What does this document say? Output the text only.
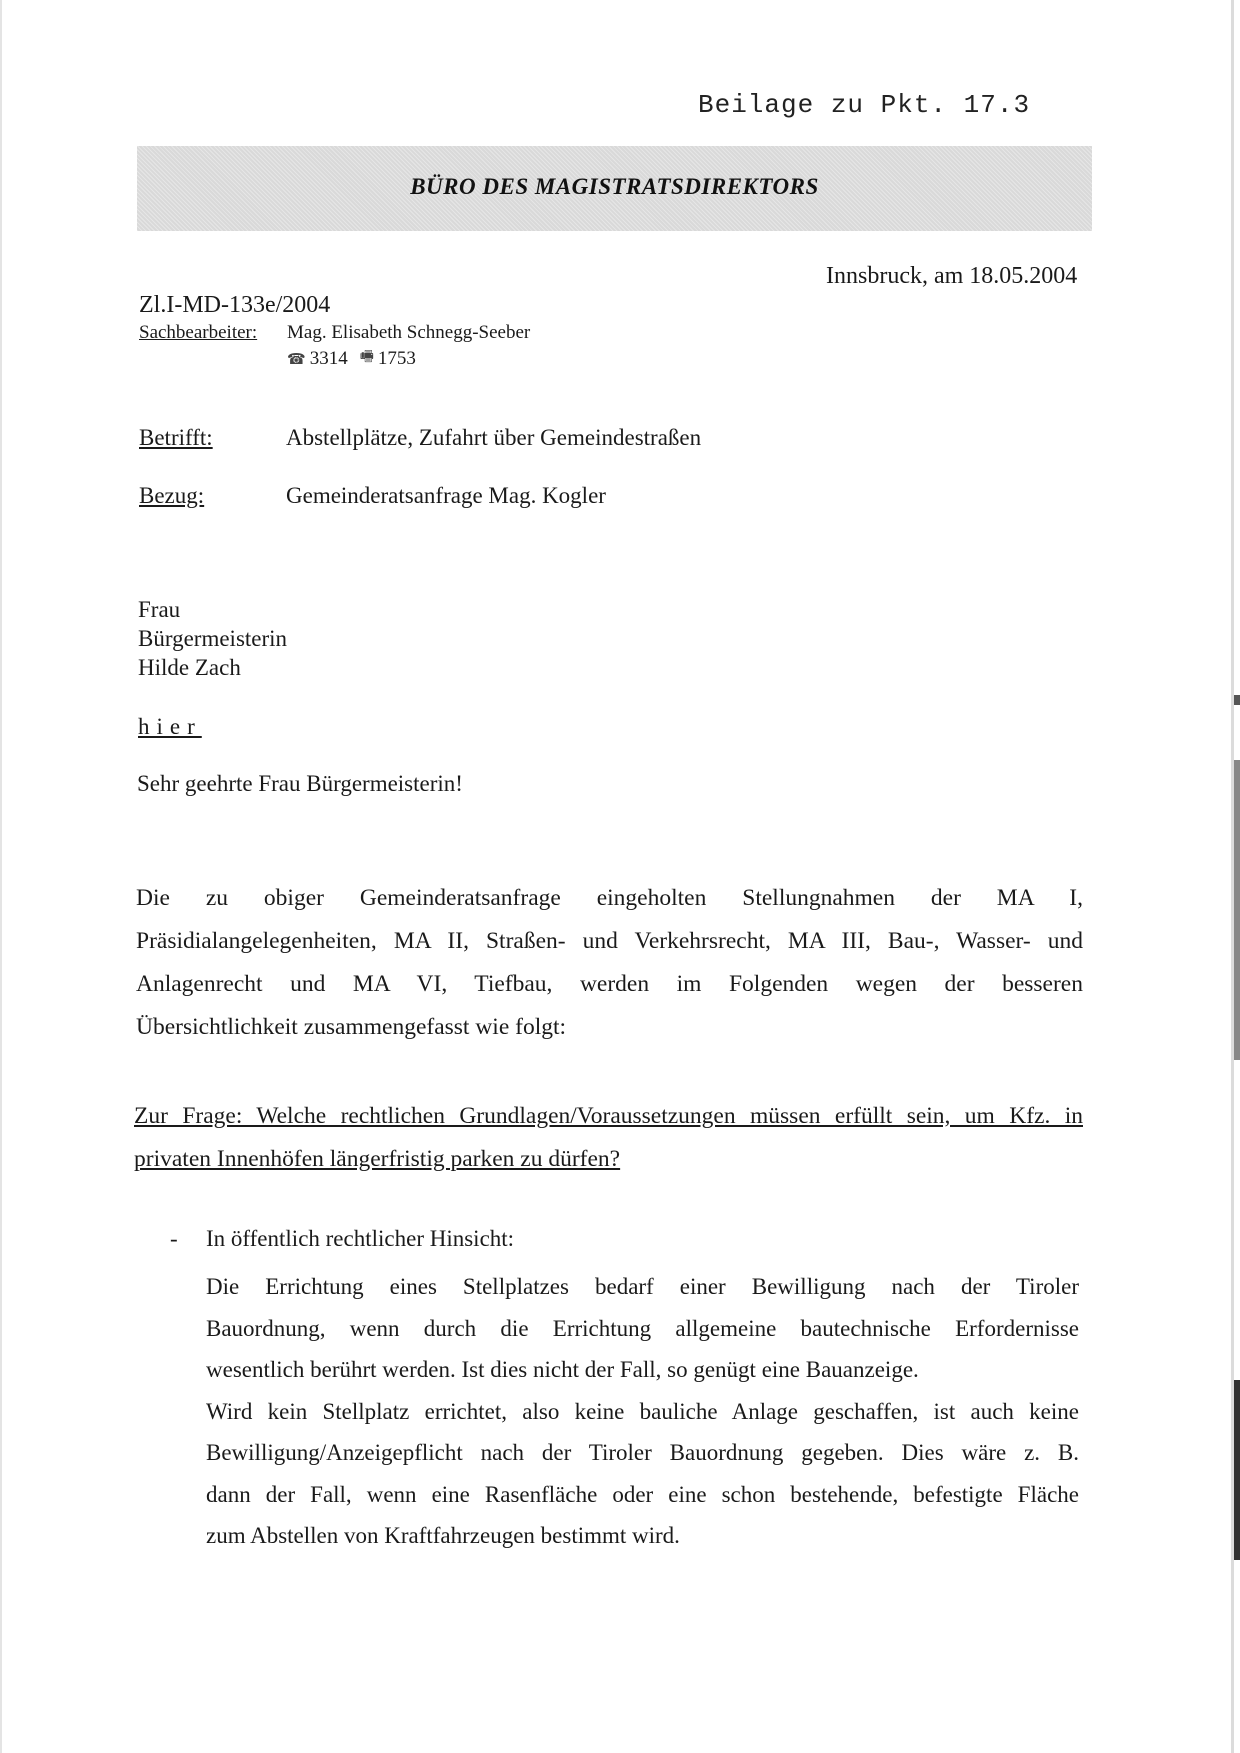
Beilage zu Pkt. 17.3
BÜRO DES MAGISTRATSDIREKTORS
Innsbruck, am 18.05.2004
Zl.I-MD-133e/2004
Sachbearbeiter: Mag. Elisabeth Schnegg-Seeber
☎ 3314 🖷 1753
Betrifft:	Abstellplätze, Zufahrt über Gemeindestraßen
Bezug:	Gemeinderatsanfrage Mag. Kogler
Frau
Bürgermeisterin
Hilde Zach
hier
Sehr geehrte Frau Bürgermeisterin!
Die zu obiger Gemeinderatsanfrage eingeholten Stellungnahmen der MA I,
Präsidialangelegenheiten, MA II, Straßen- und Verkehrsrecht, MA III, Bau-, Wasser- und
Anlagenrecht und MA VI, Tiefbau, werden im Folgenden wegen der besseren
Übersichtlichkeit zusammengefasst wie folgt:
Zur Frage: Welche rechtlichen Grundlagen/Voraussetzungen müssen erfüllt sein, um Kfz. in
privaten Innenhöfen längerfristig parken zu dürfen?
- In öffentlich rechtlicher Hinsicht:
Die Errichtung eines Stellplatzes bedarf einer Bewilligung nach der Tiroler
Bauordnung, wenn durch die Errichtung allgemeine bautechnische Erfordernisse
wesentlich berührt werden. Ist dies nicht der Fall, so genügt eine Bauanzeige.
Wird kein Stellplatz errichtet, also keine bauliche Anlage geschaffen, ist auch keine
Bewilligung/Anzeigepflicht nach der Tiroler Bauordnung gegeben. Dies wäre z. B.
dann der Fall, wenn eine Rasenfläche oder eine schon bestehende, befestigte Fläche
zum Abstellen von Kraftfahrzeugen bestimmt wird.
